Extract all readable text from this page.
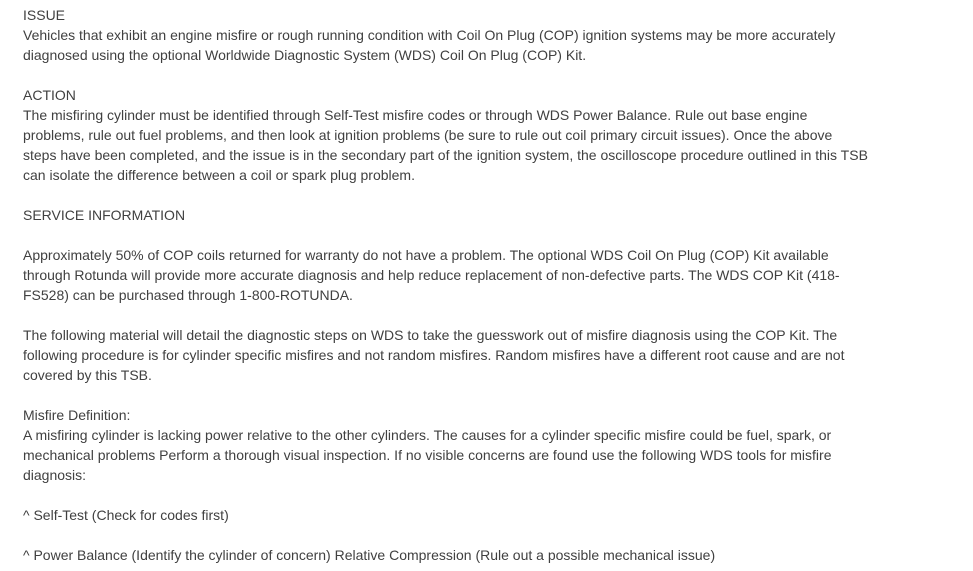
ISSUE
Vehicles that exhibit an engine misfire or rough running condition with Coil On Plug (COP) ignition systems may be more accurately diagnosed using the optional Worldwide Diagnostic System (WDS) Coil On Plug (COP) Kit.
ACTION
The misfiring cylinder must be identified through Self-Test misfire codes or through WDS Power Balance. Rule out base engine problems, rule out fuel problems, and then look at ignition problems (be sure to rule out coil primary circuit issues). Once the above steps have been completed, and the issue is in the secondary part of the ignition system, the oscilloscope procedure outlined in this TSB can isolate the difference between a coil or spark plug problem.
SERVICE INFORMATION
Approximately 50% of COP coils returned for warranty do not have a problem. The optional WDS Coil On Plug (COP) Kit available through Rotunda will provide more accurate diagnosis and help reduce replacement of non-defective parts. The WDS COP Kit (418-FS528) can be purchased through 1-800-ROTUNDA.
The following material will detail the diagnostic steps on WDS to take the guesswork out of misfire diagnosis using the COP Kit. The following procedure is for cylinder specific misfires and not random misfires. Random misfires have a different root cause and are not covered by this TSB.
Misfire Definition:
A misfiring cylinder is lacking power relative to the other cylinders. The causes for a cylinder specific misfire could be fuel, spark, or mechanical problems Perform a thorough visual inspection. If no visible concerns are found use the following WDS tools for misfire diagnosis:
^ Self-Test (Check for codes first)
^ Power Balance (Identify the cylinder of concern) Relative Compression (Rule out a possible mechanical issue)
